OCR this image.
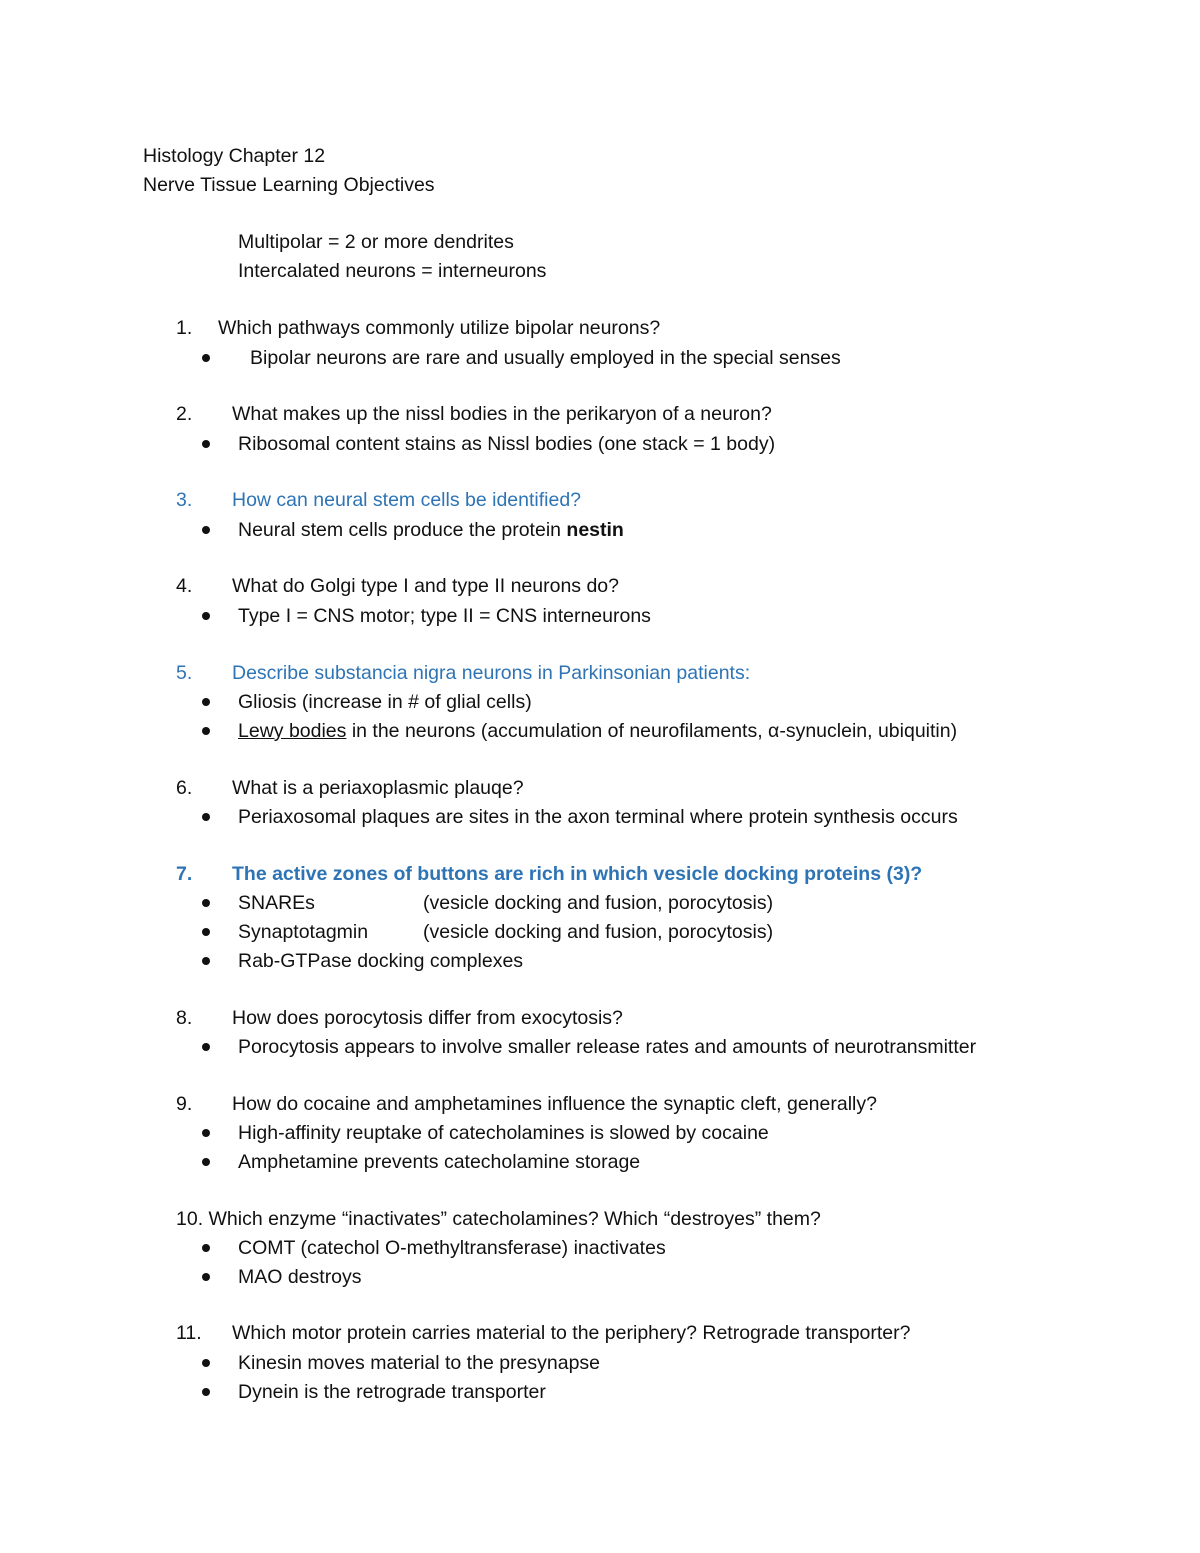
Histology Chapter 12
Nerve Tissue Learning Objectives
Multipolar = 2 or more dendrites
Intercalated neurons = interneurons
1. Which pathways commonly utilize bipolar neurons?
Bipolar neurons are rare and usually employed in the special senses
2. What makes up the nissl bodies in the perikaryon of a neuron?
Ribosomal content stains as Nissl bodies (one stack = 1 body)
3. How can neural stem cells be identified?
Neural stem cells produce the protein nestin
4. What do Golgi type I and type II neurons do?
Type I = CNS motor; type II = CNS interneurons
5. Describe substancia nigra neurons in Parkinsonian patients:
Gliosis (increase in # of glial cells)
Lewy bodies in the neurons (accumulation of neurofilaments, α-synuclein, ubiquitin)
6. What is a periaxoplasmic plauqe?
Periaxosomal plaques are sites in the axon terminal where protein synthesis occurs
7. The active zones of buttons are rich in which vesicle docking proteins (3)?
SNAREs	(vesicle docking and fusion, porocytosis)
Synaptotagmin	(vesicle docking and fusion, porocytosis)
Rab-GTPase docking complexes
8. How does porocytosis differ from exocytosis?
Porocytosis appears to involve smaller release rates and amounts of neurotransmitter
9. How do cocaine and amphetamines influence the synaptic cleft, generally?
High-affinity reuptake of catecholamines is slowed by cocaine
Amphetamine prevents catecholamine storage
10. Which enzyme “inactivates” catecholamines? Which “destroyes” them?
COMT (catechol O-methyltransferase) inactivates
MAO destroys
11. Which motor protein carries material to the periphery? Retrograde transporter?
Kinesin moves material to the presynapse
Dynein is the retrograde transporter
